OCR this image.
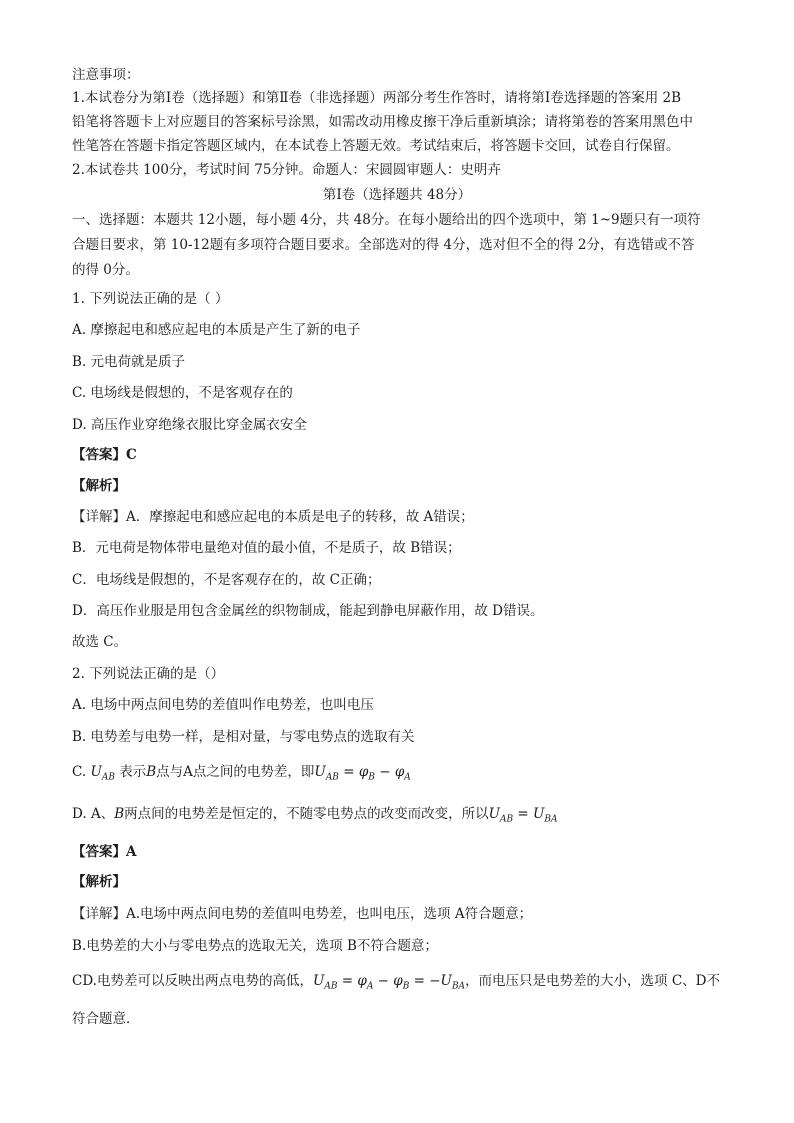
注意事项：
1.本试卷分为第Ⅰ卷（选择题）和第Ⅱ卷（非选择题）两部分考生作答时，请将第Ⅰ卷选择题的答案用 2B
铅笔将答题卡上对应题目的答案标号涂黑，如需改动用橡皮擦干净后重新填涂；请将第卷的答案用黑色中
性笔答在答题卡指定答题区域内，在本试卷上答题无效。考试结束后，将答题卡交回，试卷自行保留。
2.本试卷共 100分，考试时间 75分钟。命题人：宋圆圆审题人：史明卉
第Ⅰ卷（选择题共 48分）
一、选择题：本题共 12小题，每小题 4分，共 48分。在每小题给出的四个选项中，第 1~9题只有一项符
合题目要求，第 10-12题有多项符合题目要求。全部选对的得 4分，选对但不全的得 2分，有选错或不答
的得 0分。
1. 下列说法正确的是（ ）
A. 摩擦起电和感应起电的本质是产生了新的电子
B. 元电荷就是质子
C. 电场线是假想的，不是客观存在的
D. 高压作业穿绝缘衣服比穿金属衣安全
【答案】C
【解析】
【详解】A．摩擦起电和感应起电的本质是电子的转移，故 A错误；
B．元电荷是物体带电量绝对值的最小值，不是质子，故 B错误；
C．电场线是假想的，不是客观存在的，故 C正确；
D．高压作业服是用包含金属丝的织物制成，能起到静电屏蔽作用，故 D错误。
故选 C。
2. 下列说法正确的是（）
A. 电场中两点间电势的差值叫作电势差，也叫电压
B. 电势差与电势一样，是相对量，与零电势点的选取有关
C. $U_{AB}$ 表示B点与A点之间的电势差，即$U_{AB} = \varphi_B - \varphi_A$
D. A、B两点间的电势差是恒定的，不随零电势点的改变而改变，所以$U_{AB} = U_{BA}$
【答案】A
【解析】
【详解】A.电场中两点间电势的差值叫电势差，也叫电压，选项 A符合题意；
B.电势差的大小与零电势点的选取无关，选项 B不符合题意；
CD.电势差可以反映出两点电势的高低，$U_{AB} = \varphi_A - \varphi_B = -U_{BA}$，而电压只是电势差的大小，选项 C、D不
符合题意．
